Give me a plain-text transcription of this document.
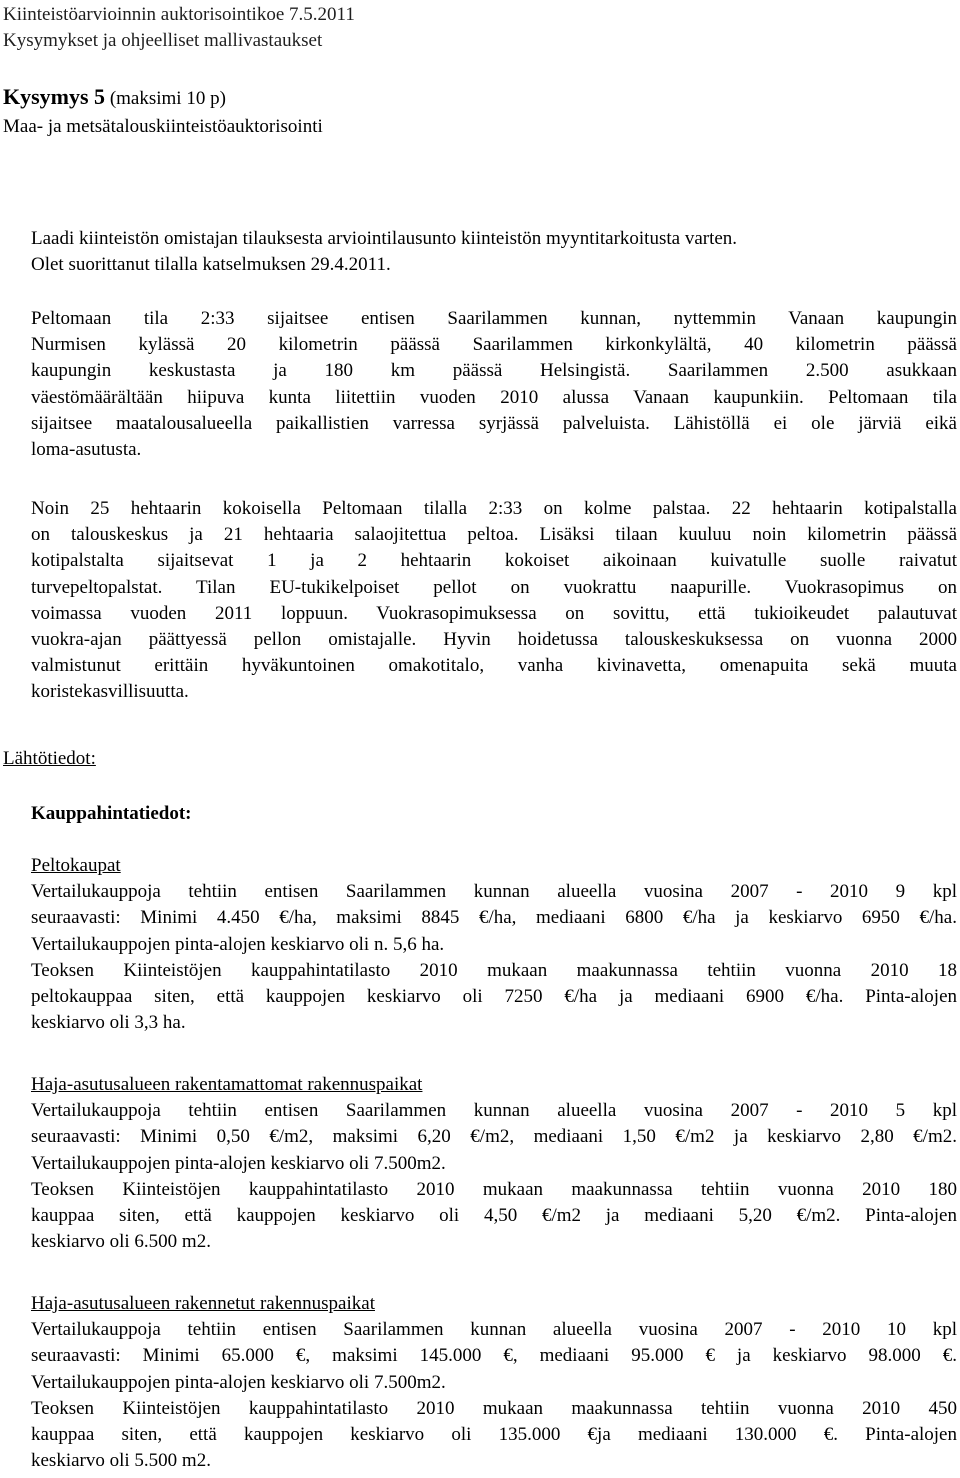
Kiinteistöarvioinnin auktorisointikoe 7.5.2011
Kysymykset ja ohjeelliset mallivastaukset
Kysymys 5 (maksimi 10 p)
Maa- ja metsätalouskiinteistöauktorisointi
Laadi kiinteistön omistajan tilauksesta arviointilausunto kiinteistön myyntitarkoitusta varten.
Olet suorittanut tilalla katselmuksen 29.4.2011.
Peltomaan tila 2:33 sijaitsee entisen Saarilammen kunnan, nyttemmin Vanaan kaupungin
Nurmisen kylässä 20 kilometrin päässä Saarilammen kirkonkylältä, 40 kilometrin päässä
kaupungin keskustasta ja 180 km päässä Helsingistä. Saarilammen 2.500 asukkaan
väestömäärältään hiipuva kunta liitettiin vuoden 2010 alussa Vanaan kaupunkiin. Peltomaan tila
sijaitsee maatalousalueella paikallistien varressa syrjässä palveluista. Lähistöllä ei ole järviä eikä
loma-asutusta.
Noin 25 hehtaarin kokoisella Peltomaan tilalla 2:33 on kolme palstaa. 22 hehtaarin kotipalstalla
on talouskeskus ja 21 hehtaaria salaojitettua peltoa. Lisäksi tilaan kuuluu noin kilometrin päässä
kotipalstalta sijaitsevat 1 ja 2 hehtaarin kokoiset aikoinaan kuivatulle suolle raivatut
turvepeltopalstat. Tilan EU-tukikelpoiset pellot on vuokrattu naapurille. Vuokrasopimus on
voimassa vuoden 2011 loppuun. Vuokrasopimuksessa on sovittu, että tukioikeudet palautuvat
vuokra-ajan päättyessä pellon omistajalle. Hyvin hoidetussa talouskeskuksessa on vuonna 2000
valmistunut erittäin hyväkuntoinen omakotitalo, vanha kivinavetta, omenapuita sekä muuta
koristekasvillisuutta.
Lähtötiedot:
Kauppahintatiedot:
Peltokaupat
Vertailukauppoja tehtiin entisen Saarilammen kunnan alueella vuosina 2007 - 2010 9 kpl
seuraavasti: Minimi 4.450 €/ha, maksimi 8845 €/ha, mediaani 6800 €/ha ja keskiarvo 6950 €/ha.
Vertailukauppojen pinta-alojen keskiarvo oli n. 5,6 ha.
Teoksen Kiinteistöjen kauppahintatilasto 2010 mukaan maakunnassa tehtiin vuonna 2010 18
peltokauppaa siten, että kauppojen keskiarvo oli 7250 €/ha ja mediaani 6900 €/ha. Pinta-alojen
keskiarvo oli 3,3 ha.
Haja-asutusalueen rakentamattomat rakennuspaikat
Vertailukauppoja tehtiin entisen Saarilammen kunnan alueella vuosina 2007 - 2010 5 kpl
seuraavasti: Minimi 0,50 €/m2, maksimi 6,20 €/m2, mediaani 1,50 €/m2 ja keskiarvo 2,80 €/m2.
Vertailukauppojen pinta-alojen keskiarvo oli 7.500m2.
Teoksen Kiinteistöjen kauppahintatilasto 2010 mukaan maakunnassa tehtiin vuonna 2010 180
kauppaa siten, että kauppojen keskiarvo oli 4,50 €/m2 ja mediaani 5,20 €/m2. Pinta-alojen
keskiarvo oli 6.500 m2.
Haja-asutusalueen rakennetut rakennuspaikat
Vertailukauppoja tehtiin entisen Saarilammen kunnan alueella vuosina 2007 - 2010 10 kpl
seuraavasti: Minimi 65.000 €, maksimi 145.000 €, mediaani 95.000 € ja keskiarvo 98.000 €.
Vertailukauppojen pinta-alojen keskiarvo oli 7.500m2.
Teoksen Kiinteistöjen kauppahintatilasto 2010 mukaan maakunnassa tehtiin vuonna 2010 450
kauppaa siten, että kauppojen keskiarvo oli 135.000 €ja mediaani 130.000 €. Pinta-alojen
keskiarvo oli 5.500 m2.
